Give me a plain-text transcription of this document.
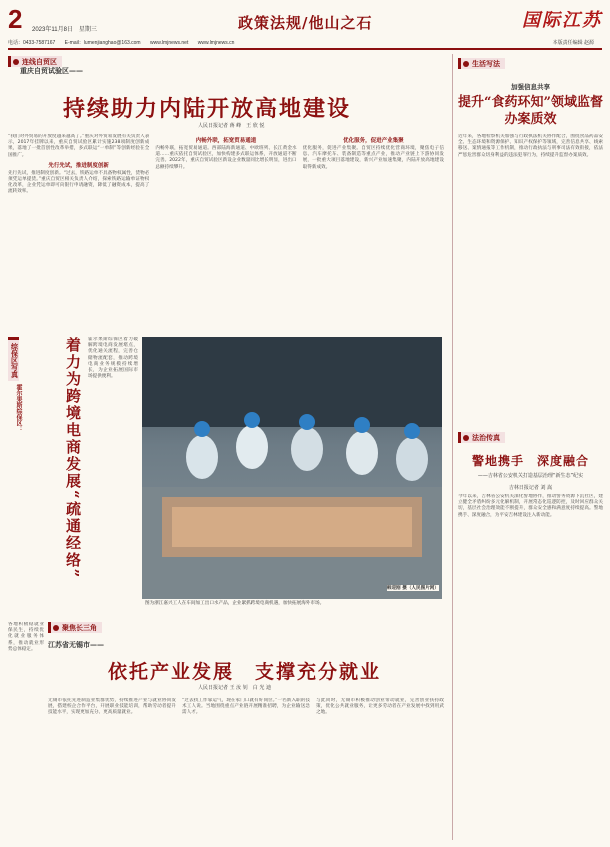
2 2023年11月8日　星期三	政策法规/他山之石	国际江苏
电话：0433-7587167 E-mail：lumenjianghao@163.com www.lmjnews.net www.lmjnews.cn	本版责任编辑 赵源
连线自贸区
重庆自贸试验区——
持续助力内陆开放高地建设
人民日报记者 蒋 峰　王 欣 悦

“我们对外贸易的开放度越来越高了。”重庆对外贸易发展有关负责人表示，2017年挂牌以来，重庆自贸试验区累计实施238项制度创新成果，落地了一批首创性改革举措，多式联运“一单制”等创新经验在全国推广。

先行先试，推进制度创新

先行先试，推进制度创新。“过去，铁路运单不具备物权属性，货物必须凭运单提货。”重庆自贸区相关负责人介绍，探索铁路运输单证物权化改革，企业凭运单即可向银行申请融资，降低了融资成本，提高了流转效率。

内畅外联，拓宽贸易通道

内畅外联，拓宽贸易通道。西部陆海新通道、中欧班列、长江黄金水道……重庆依托自贸试验区，加快构建多式联运体系，开放通道不断完善。2022年，重庆自贸试验区新设企业数量同比增长明显，进出口总额持续攀升。

优化服务，促进产业集聚

优化服务，促进产业集聚。自贸区持续优化营商环境，聚焦电子信息、汽车摩托车、装备制造等重点产业，推动产业链上下游协同发展，一批重大项目落地建设，新兴产业加速集聚，内陆开放高地建设取得新成效。

综保区写真
霍尔果斯综保区：	着力为跨境电商发展“疏通经络”	霍尔果斯综保区着力破解跨境电商发展堵点，优化通关流程，完善仓储物流配套，推动跨境电商业务规模持续增长，为企业拓展国际市场提供便利。
韩迎刚 摄（人民图片网）
图为浙江嘉兴工人在车间加工出口水产品，企业紧抓跨境电商机遇，加快拓展海外市场。
各地积极稳就业保民生，持续优化就业服务体系，推动就业形势总体稳定。
聚焦长三角
江苏省无锡市——
依托产业发展　支撑充分就业
人民日报记者 王 汝 钊　白 光 迪
无锡市依托先进制造业集群优势，持续推进产业与就业协同发展，搭建校企合作平台，开展职业技能培训，帮助劳动者提升技能水平，实现更加充分、更高质量就业。
“过去找工作靠运气，现在家门口就有好岗位。”一名新入职的技术工人说。当地围绕重点产业链开展精准招聘，为企业输送急需人才。
与此同时，无锡市积极推动创业带动就业，完善创业扶持政策，优化公共就业服务，让更多劳动者在产业发展中找到用武之地。
生活写法
加强信息共享
提升“食药环知”领域监督办案质效
近年来，各地检察机关加强与行政执法机关协作配合，围绕食品药品安全、生态环境和资源保护、知识产权保护等领域，完善信息共享、线索移送、案情通报等工作机制，推动行政执法与刑事司法有效衔接，依法严惩危害群众切身利益的违法犯罪行为，持续提升监督办案质效。
法治传真
警地携手　深度融合
——吉林省公安机关打造基层治理“新生态”纪实
吉林日报记者 刘 嵩
今年以来，吉林省公安机关深化警地协作，推动警务资源下沉社区，建立健全矛盾纠纷多元化解机制，开展常态化巡逻防控，及时回应群众关切，基层社会治理效能不断提升，群众安全感和满意度持续提高。警地携手、深度融合，为平安吉林建设注入新动能。
